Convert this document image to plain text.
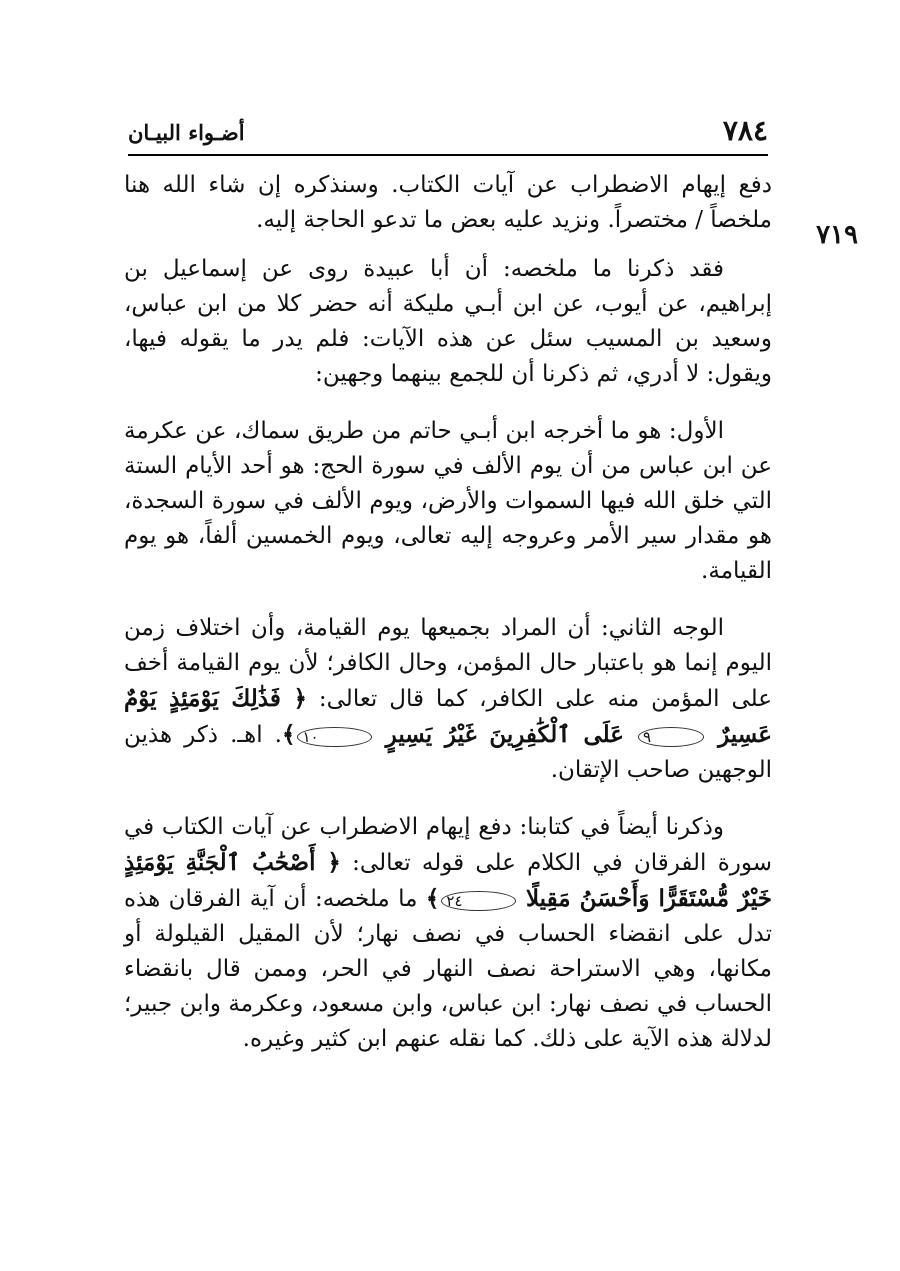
٧٨٤
أضـواء البيـان
٧١٩

دفع إيهام الاضطراب عن آيات الكتاب. وسنذكره إن شاء الله هنا ملخصاً / مختصراً. ونزيد عليه بعض ما تدعو الحاجة إليه.

فقد ذكرنا ما ملخصه: أن أبا عبيدة روى عن إسماعيل بن إبراهيم، عن أيوب، عن ابن أبـي مليكة أنه حضر كلا من ابن عباس، وسعيد بن المسيب سئل عن هذه الآيات: فلم يدر ما يقوله فيها، ويقول: لا أدري، ثم ذكرنا أن للجمع بينهما وجهين:

الأول: هو ما أخرجه ابن أبـي حاتم من طريق سماك، عن عكرمة عن ابن عباس من أن يوم الألف في سورة الحج: هو أحد الأيام الستة التي خلق الله فيها السموات والأرض، ويوم الألف في سورة السجدة، هو مقدار سير الأمر وعروجه إليه تعالى، ويوم الخمسين ألفاً، هو يوم القيامة.

الوجه الثاني: أن المراد بجميعها يوم القيامة، وأن اختلاف زمن اليوم إنما هو باعتبار حال المؤمن، وحال الكافر؛ لأن يوم القيامة أخف على المؤمن منه على الكافر، كما قال تعالى: ﴿ فَذَٰلِكَ يَوْمَئِذٍ يَوْمٌ عَسِيرٌ ٩ عَلَى ٱلْكَٰفِرِينَ غَيْرُ يَسِيرٍ ١٠﴾. اهـ. ذكر هذين الوجهين صاحب الإتقان.

وذكرنا أيضاً في كتابنا: دفع إيهام الاضطراب عن آيات الكتاب في سورة الفرقان في الكلام على قوله تعالى: ﴿ أَصْحَٰبُ ٱلْجَنَّةِ يَوْمَئِذٍ خَيْرٌ مُّسْتَقَرًّا وَأَحْسَنُ مَقِيلًا ٢٤﴾ ما ملخصه: أن آية الفرقان هذه تدل على انقضاء الحساب في نصف نهار؛ لأن المقيل القيلولة أو مكانها، وهي الاستراحة نصف النهار في الحر، وممن قال بانقضاء الحساب في نصف نهار: ابن عباس، وابن مسعود، وعكرمة وابن جبير؛ لدلالة هذه الآية على ذلك. كما نقله عنهم ابن كثير وغيره.
